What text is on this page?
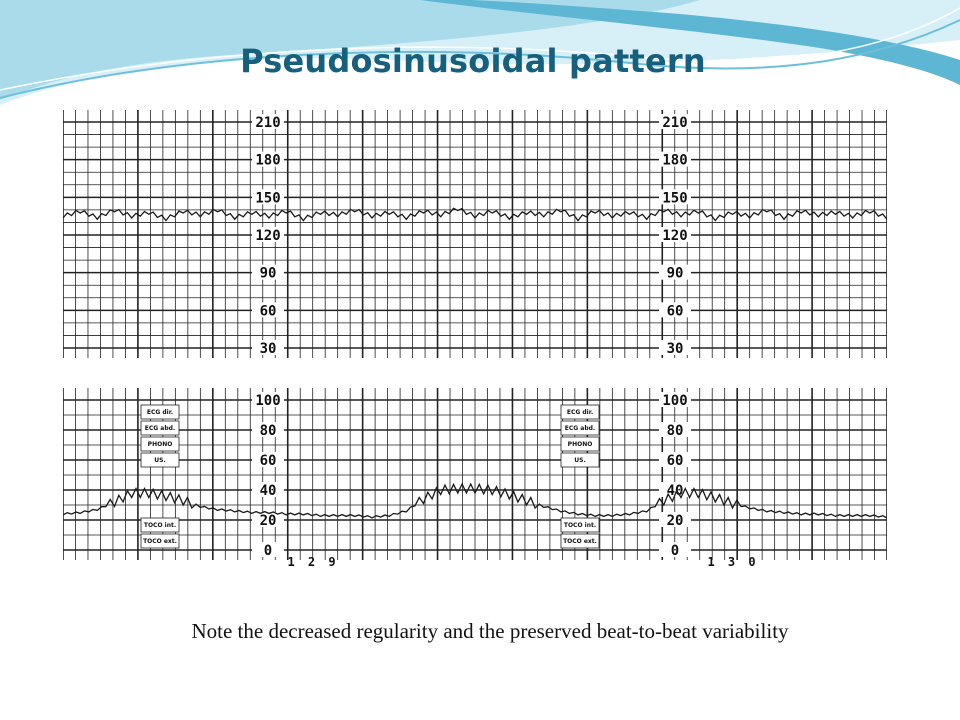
Pseudosinusoidal pattern
210
180
150
120
90
60
30
210
180
150
120
90
60
30
100
80
60
40
20
0
100
80
60
40
20
0
ECG dir.
ECG abd.
PHONO
US.
TOCO int.
TOCO ext.
ECG dir.
ECG abd.
PHONO
US.
TOCO int.
TOCO ext.
1 2 9	1 3 0
Note the decreased regularity and the preserved beat-to-beat variability
